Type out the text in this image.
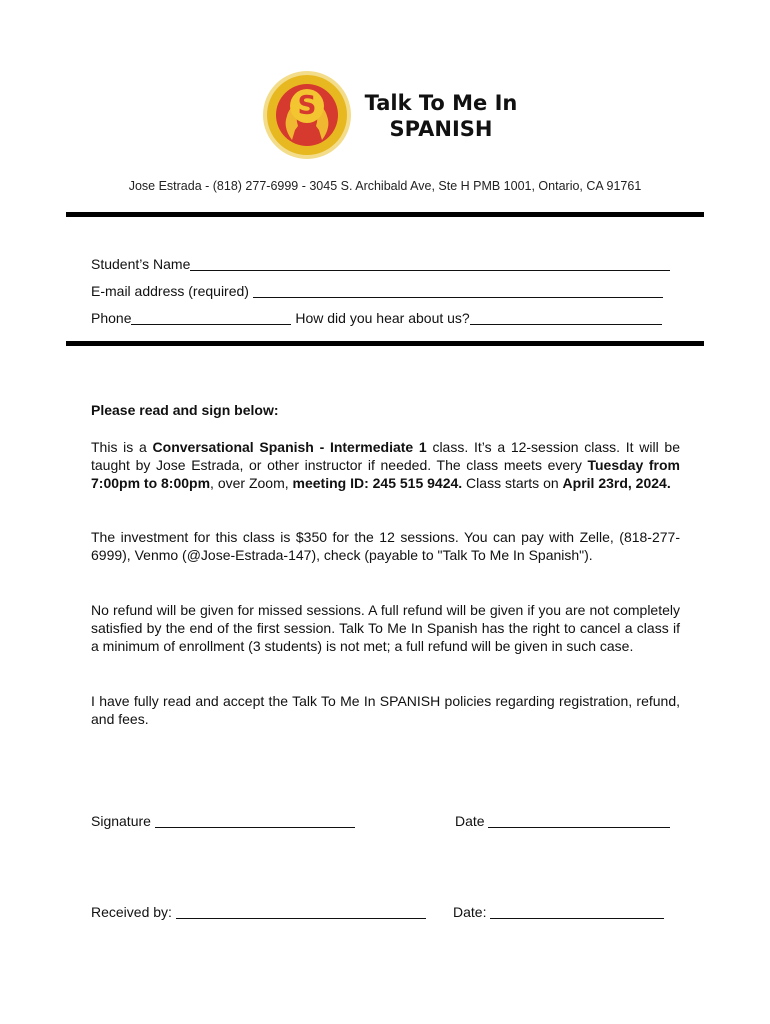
S	Talk To Me In
SPANISH
Jose Estrada - (818) 277-6999 - 3045 S. Archibald Ave, Ste H PMB 1001, Ontario, CA 91761
Student’s Name
E-mail address (required)
Phone	How did you hear about us?
Please read and sign below:
This is a Conversational Spanish - Intermediate 1 class. It’s a 12-session class. It will be taught by Jose Estrada, or other instructor if needed. The class meets every Tuesday from 7:00pm to 8:00pm, over Zoom, meeting ID: 245 515 9424. Class starts on April 23rd, 2024.
The investment for this class is $350 for the 12 sessions. You can pay with Zelle, (818-277-6999), Venmo (@Jose-Estrada-147), check (payable to "Talk To Me In Spanish").
No refund will be given for missed sessions. A full refund will be given if you are not completely satisfied by the end of the first session. Talk To Me In Spanish has the right to cancel a class if a minimum of enrollment (3 students) is not met; a full refund will be given in such case.
I have fully read and accept the Talk To Me In SPANISH policies regarding registration, refund, and fees.
Signature	Date
Received by:	Date:
